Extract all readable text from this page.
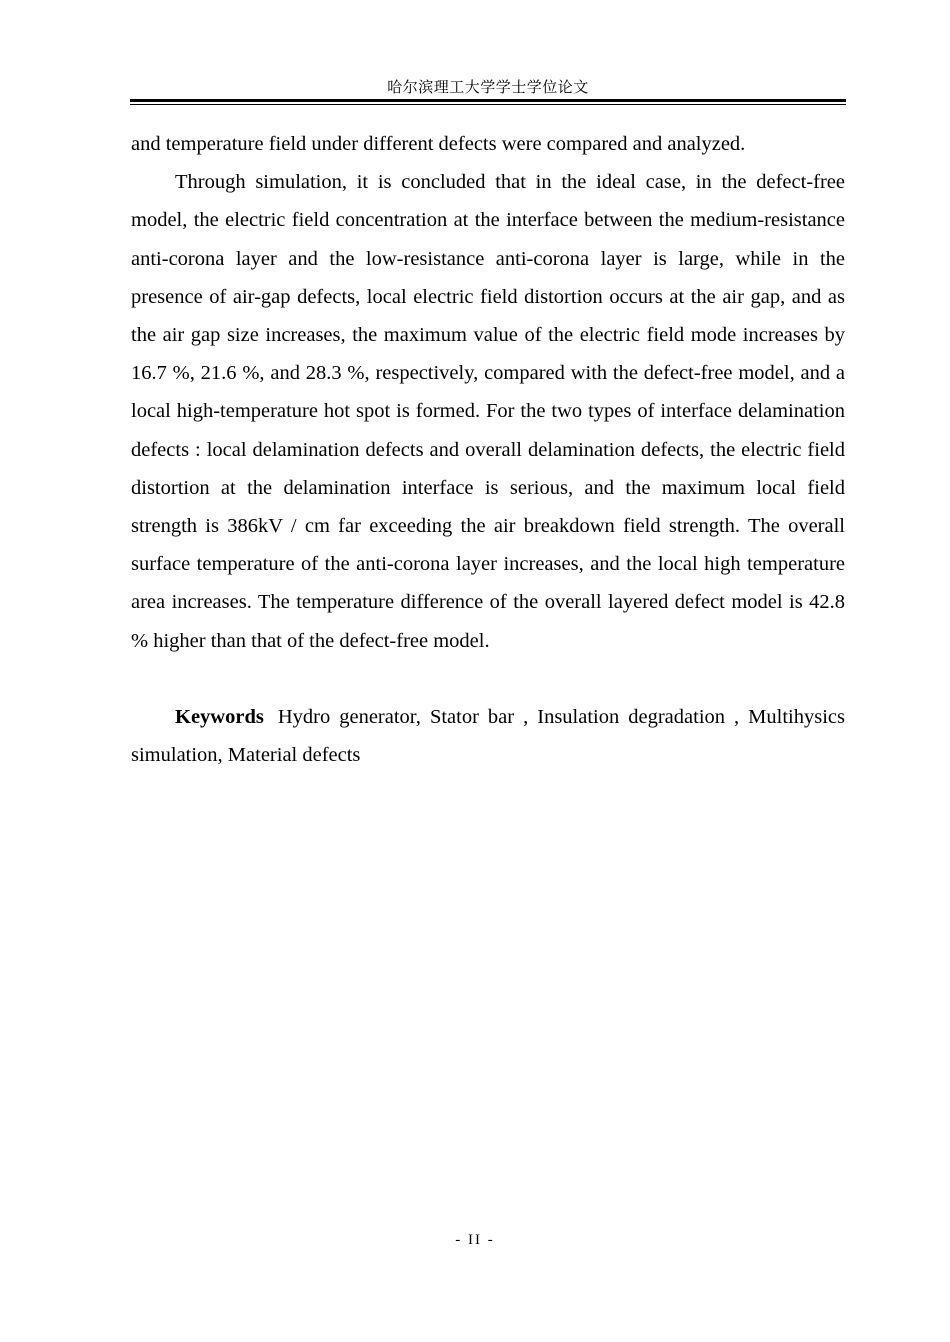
哈尔滨理工大学学士学位论文

and temperature field under different defects were compared and analyzed.

Through simulation, it is concluded that in the ideal case, in the defect-free model, the electric field concentration at the interface between the medium-resistance anti-corona layer and the low-resistance anti-corona layer is large, while in the presence of air-gap defects, local electric field distortion occurs at the air gap, and as the air gap size increases, the maximum value of the electric field mode increases by 16.7 %, 21.6 %, and 28.3 %, respectively, compared with the defect-free model, and a local high-temperature hot spot is formed. For the two types of interface delamination defects : local delamination defects and overall delamination defects, the electric field distortion at the delamination interface is serious, and the maximum local field strength is 386kV / cm far exceeding the air breakdown field strength. The overall surface temperature of the anti-corona layer increases, and the local high temperature area increases. The temperature difference of the overall layered defect model is 42.8 % higher than that of the defect-free model.

Keywords Hydro generator, Stator bar , Insulation degradation , Multihysics simulation, Material defects

- II -
